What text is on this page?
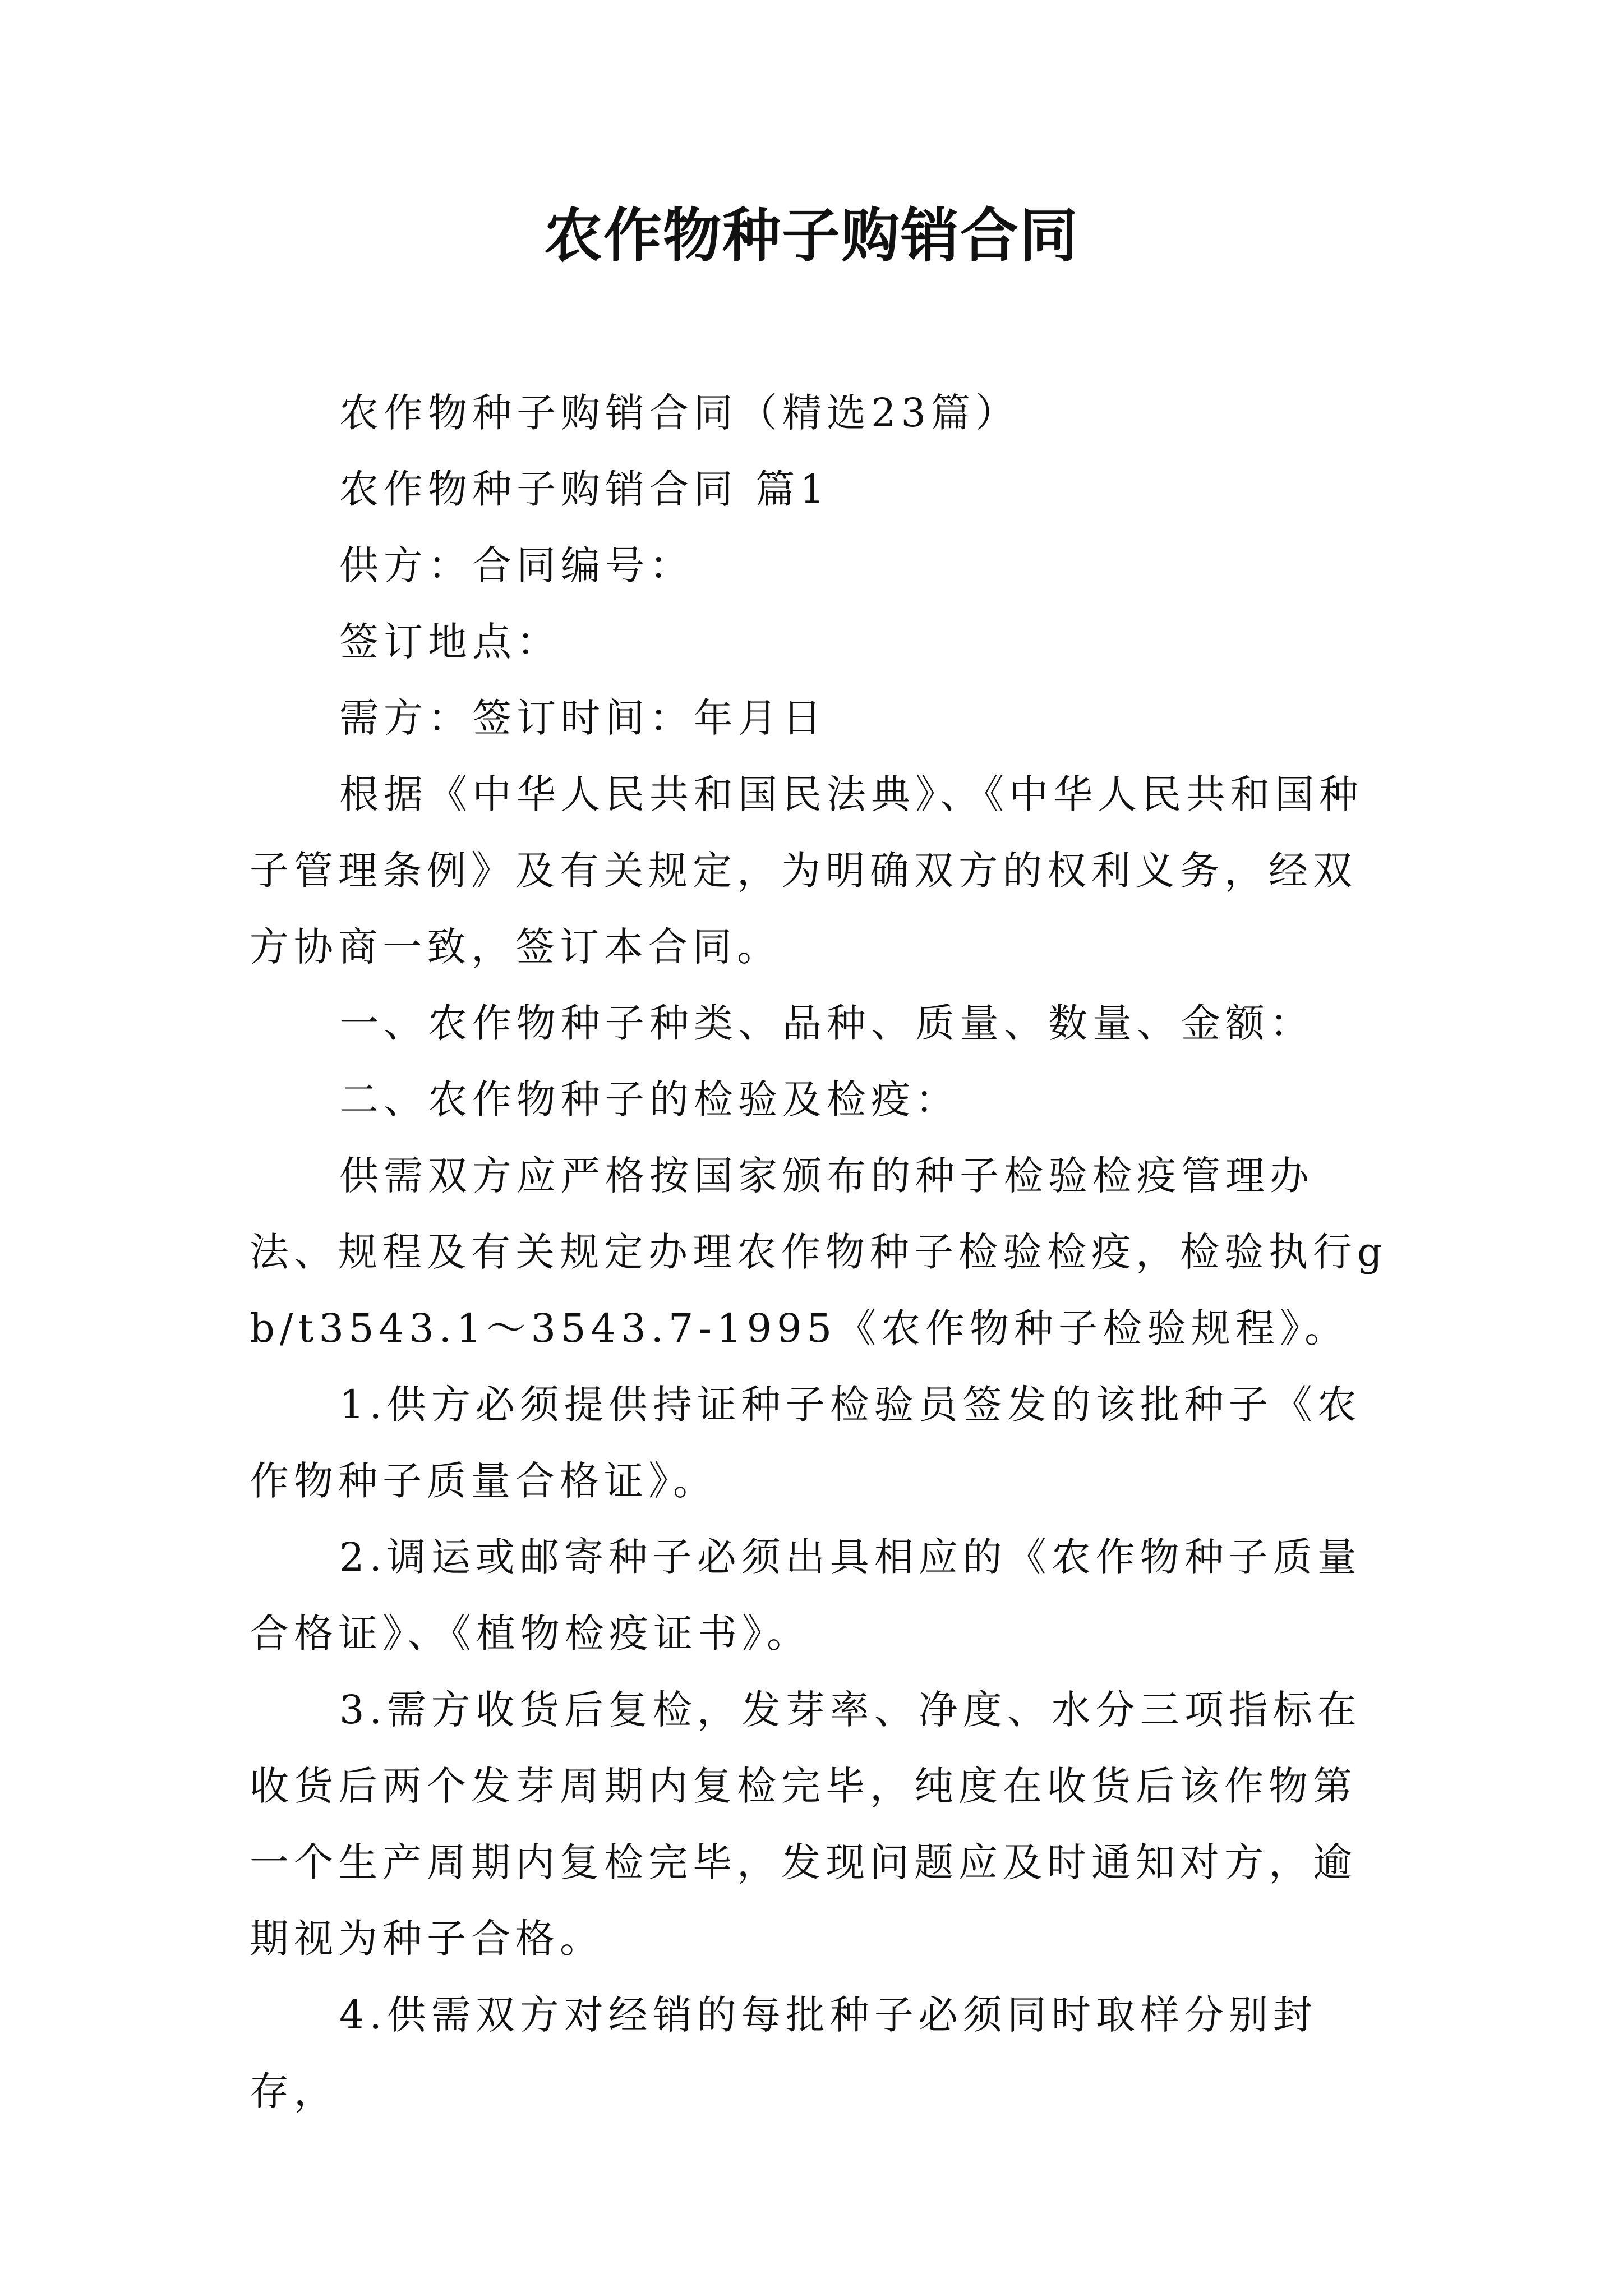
农作物种子购销合同

农作物种子购销合同（精选23篇）

农作物种子购销合同 篇1

供方：合同编号：

签订地点：

需方：签订时间：年月日

根据《中华人民共和国民法典》、《中华人民共和国种子管理条例》及有关规定，为明确双方的权利义务，经双方协商一致，签订本合同。

一、农作物种子种类、品种、质量、数量、金额：

二、农作物种子的检验及检疫：

供需双方应严格按国家颁布的种子检验检疫管理办法、规程及有关规定办理农作物种子检验检疫，检验执行gb/t3543.1～3543.7-1995《农作物种子检验规程》。

1.供方必须提供持证种子检验员签发的该批种子《农作物种子质量合格证》。

2.调运或邮寄种子必须出具相应的《农作物种子质量合格证》、《植物检疫证书》。

3.需方收货后复检，发芽率、净度、水分三项指标在收货后两个发芽周期内复检完毕，纯度在收货后该作物第一个生产周期内复检完毕，发现问题应及时通知对方，逾期视为种子合格。

4.供需双方对经销的每批种子必须同时取样分别封存，
